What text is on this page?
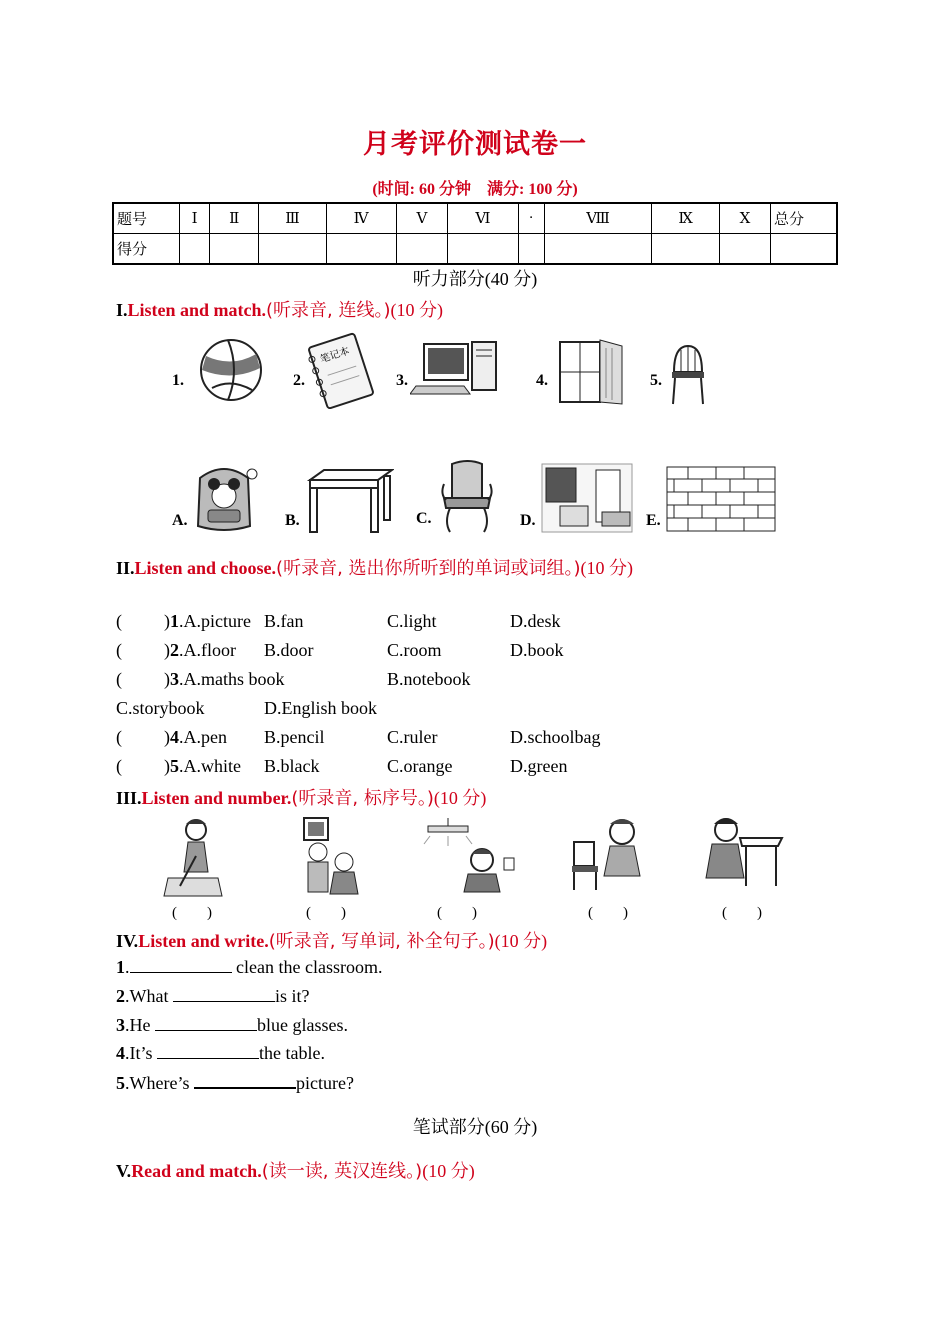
月考评价测试卷一
(时间: 60 分钟　满分: 100 分)
题号	Ⅰ	Ⅱ	Ⅲ	Ⅳ	Ⅴ	Ⅵ	·	Ⅷ	Ⅸ	Ⅹ	总分
得分											
听力部分(40 分)
I.Listen and match.(听录音, 连线。)(10 分)
1.	2.
笔记本
3.	4.	5.
A.	B.	C.	D.	E.
II.Listen and choose.(听录音, 选出你所听到的单词或词组。)(10 分)
( )1.A.picture B.fan	C.light	D.desk
( )2.A.floor B.door	C.room	D.book
( )3.A.maths book	B.notebook
C.storybook	D.English book
( )4.A.pen B.pencil	C.ruler	D.schoolbag
( )5.A.white B.black	C.orange	D.green
III.Listen and number.(听录音, 标序号。)(10 分)
(　　)	(　　)	(　　)	(　　)	(　　)
IV.Listen and write.(听录音, 写单词, 补全句子。)(10 分)
1.	clean the classroom.
2.What	is it?
3.He	blue glasses.
4.It’s	the table.
5.Where’s	picture?
笔试部分(60 分)
V.Read and match.(读一读, 英汉连线。)(10 分)
